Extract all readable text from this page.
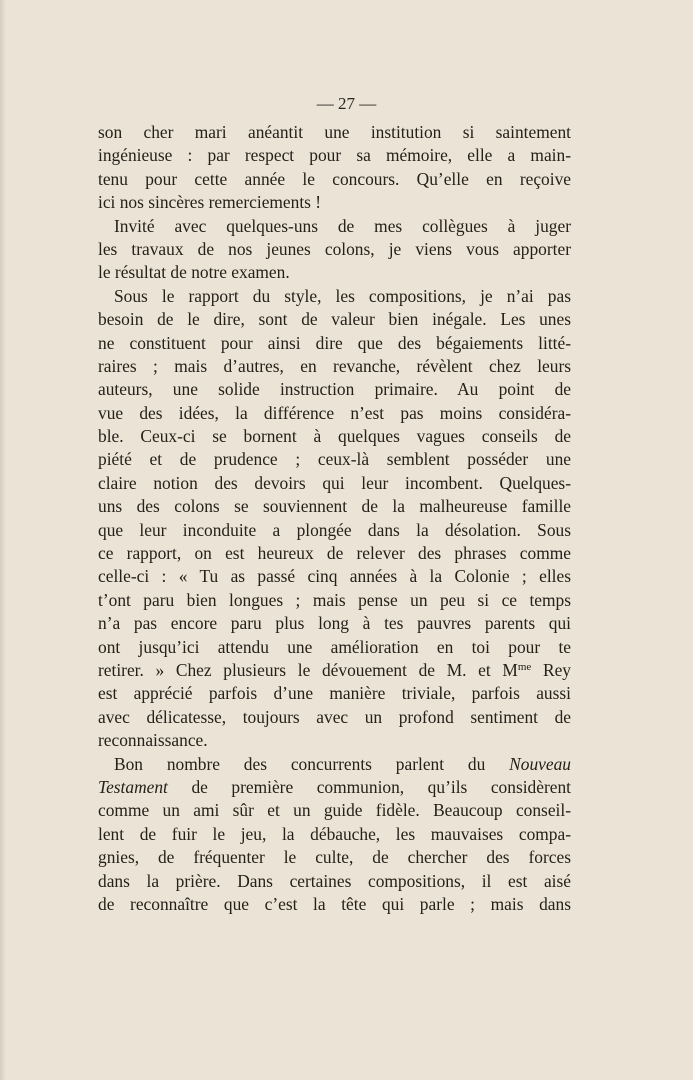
— 27 —
son cher mari anéantit une institution si saintement
ingénieuse : par respect pour sa mémoire, elle a main-
tenu pour cette année le concours. Qu’elle en reçoive
ici nos sincères remerciements !
Invité avec quelques-uns de mes collègues à juger
les travaux de nos jeunes colons, je viens vous apporter
le résultat de notre examen.
Sous le rapport du style, les compositions, je n’ai pas
besoin de le dire, sont de valeur bien inégale. Les unes
ne constituent pour ainsi dire que des bégaiements litté-
raires ; mais d’autres, en revanche, révèlent chez leurs
auteurs, une solide instruction primaire. Au point de
vue des idées, la différence n’est pas moins considéra-
ble. Ceux-ci se bornent à quelques vagues conseils de
piété et de prudence ; ceux-là semblent posséder une
claire notion des devoirs qui leur incombent. Quelques-
uns des colons se souviennent de la malheureuse famille
que leur inconduite a plongée dans la désolation. Sous
ce rapport, on est heureux de relever des phrases comme
celle-ci : « Tu as passé cinq années à la Colonie ; elles
t’ont paru bien longues ; mais pense un peu si ce temps
n’a pas encore paru plus long à tes pauvres parents qui
ont jusqu’ici attendu une amélioration en toi pour te
retirer. » Chez plusieurs le dévouement de M. et $M^{me}$ Rey
est apprécié parfois d’une manière triviale, parfois aussi
avec délicatesse, toujours avec un profond sentiment de
reconnaissance.
Bon nombre des concurrents parlent du Nouveau
Testament de première communion, qu’ils considèrent
comme un ami sûr et un guide fidèle. Beaucoup conseil-
lent de fuir le jeu, la débauche, les mauvaises compa-
gnies, de fréquenter le culte, de chercher des forces
dans la prière. Dans certaines compositions, il est aisé
de reconnaître que c’est la tête qui parle ; mais dans
